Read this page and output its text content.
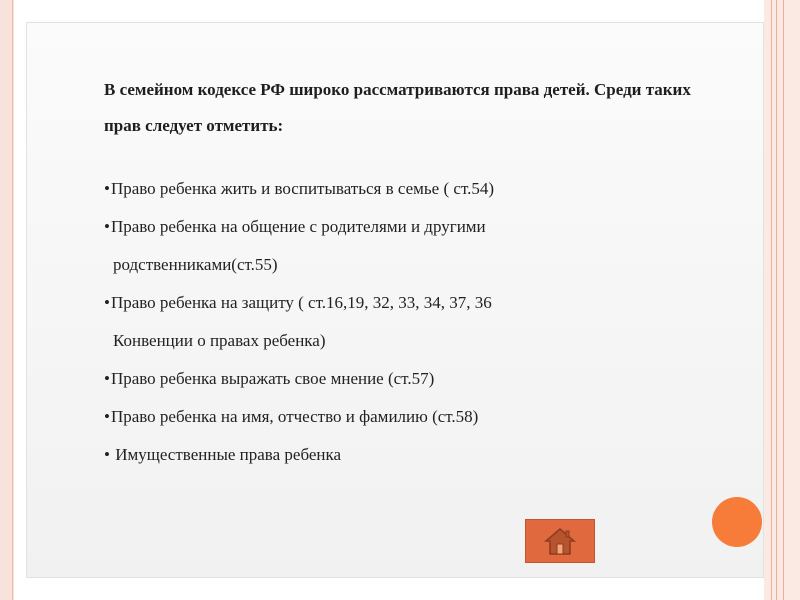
В семейном кодексе РФ широко рассматриваются права детей. Среди таких прав следует отметить:

• Право ребенка жить и воспитываться в семье ( ст.54)
• Право ребенка на общение с родителями и другими
родственниками(ст.55)
• Право ребенка на защиту ( ст.16,19, 32, 33, 34, 37, 36
Конвенции о правах ребенка)
• Право ребенка выражать свое мнение (ст.57)
• Право ребенка на имя, отчество и фамилию (ст.58)
• Имущественные права ребенка
